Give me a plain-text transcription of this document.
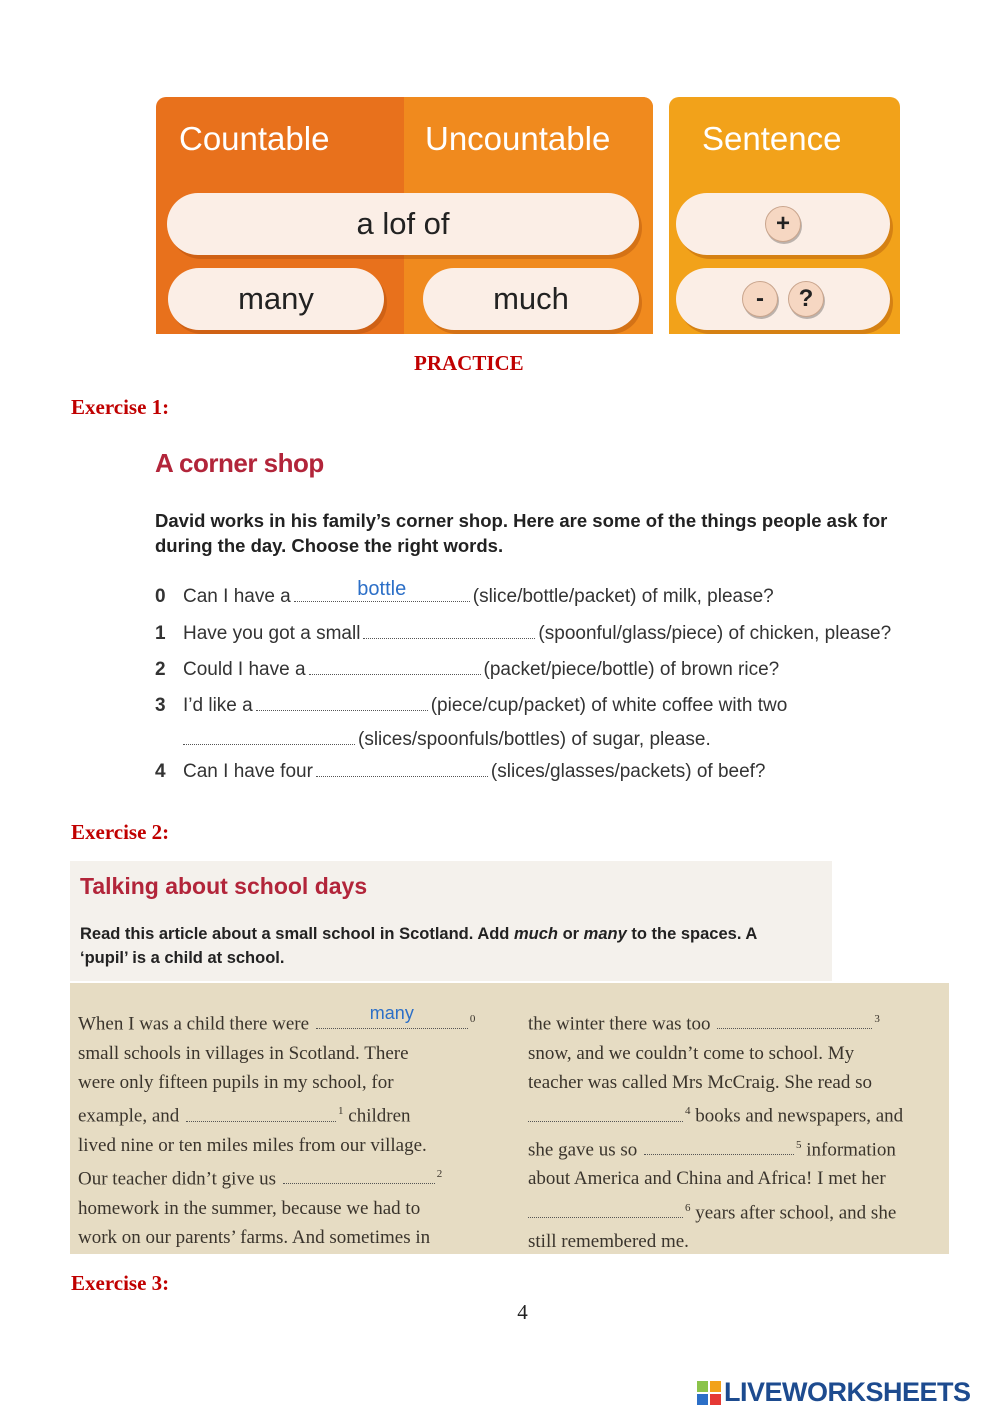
Countable	Uncountable
a lof of
many	much
Sentence
+
-	?
PRACTICE
Exercise 1:
A corner shop
David works in his family’s corner shop. Here are some of the things people ask for during the day. Choose the right words.
0 Can I have a	bottle	(slice/bottle/packet) of milk, please?
1 Have you got a small	(spoonful/glass/piece) of chicken, please?
2 Could I have a	(packet/piece/bottle) of brown rice?
3 I’d like a	(piece/cup/packet) of white coffee with two
(slices/spoonfuls/bottles) of sugar, please.
4 Can I have four	(slices/glasses/packets) of beef?
Exercise 2:
Talking about school days
Read this article about a small school in Scotland. Add much or many to the spaces. A
‘pupil’ is a child at school.
When I was a child there were
many	$^0$
small schools in villages in Scotland. There
were only fifteen pupils in my school, for
example, and	$^1$ children
lived nine or ten miles miles from our village.
Our teacher didn’t give us	$^2$
homework in the summer, because we had to
work on our parents’ farms. And sometimes in
the winter there was too	$^3$
snow, and we couldn’t come to school. My
teacher was called Mrs McCraig. She read so
$^4$ books and newspapers, and
she gave us so	$^5$ information
about America and China and Africa! I met her
$^6$ years after school, and she
still remembered me.
Exercise 3:
4
LIVEWORKSHEETS
